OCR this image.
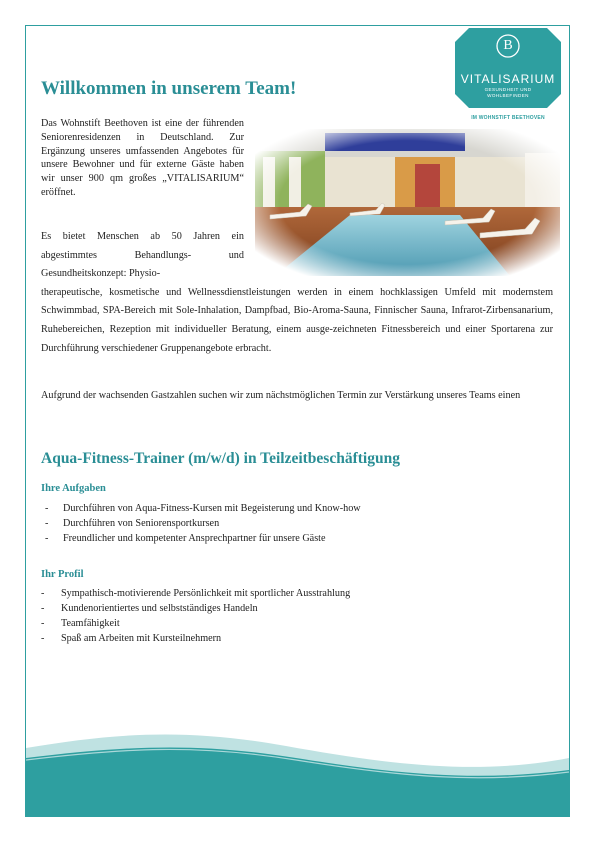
B
VITALISARIUM
GESUNDHEIT UND
WOHLBEFINDEN
IM WOHNSTIFT BEETHOVEN
Willkommen in unserem Team!

Das Wohnstift Beethoven ist eine der führenden Seniorenresidenzen in Deutschland. Zur Ergänzung unseres umfassenden Angebotes für unsere Bewohner und für externe Gäste haben wir unser 900 qm großes „VITALISARIUM“ eröffnet.

Es bietet Menschen ab 50 Jahren ein abgestimmtes Behandlungs- und Gesundheitskonzept: Physio-
therapeutische, kosmetische und Wellnessdienstleistungen werden in einem hochklassigen Umfeld mit modernstem Schwimmbad, SPA-Bereich mit Sole-Inhalation, Dampfbad, Bio-Aroma-Sauna, Finnischer Sauna, Infrarot-Zirbensanarium, Ruhebereichen, Rezeption mit individueller Beratung, einem ausge-zeichneten Fitnessbereich und einer Sportarena zur Durchführung verschiedener Gruppenangebote erbracht.

Aufgrund der wachsenden Gastzahlen suchen wir zum nächstmöglichen Termin zur Verstärkung unseres Teams einen

Aqua-Fitness-Trainer (m/w/d) in Teilzeitbeschäftigung
Ihre Aufgaben
- Durchführen von Aqua-Fitness-Kursen mit Begeisterung und Know-how
- Durchführen von Seniorensportkursen
- Freundlicher und kompetenter Ansprechpartner für unsere Gäste
Ihr Profil
- Sympathisch-motivierende Persönlichkeit mit sportlicher Ausstrahlung
- Kundenorientiertes und selbstständiges Handeln
- Teamfähigkeit
- Spaß am Arbeiten mit Kursteilnehmern
